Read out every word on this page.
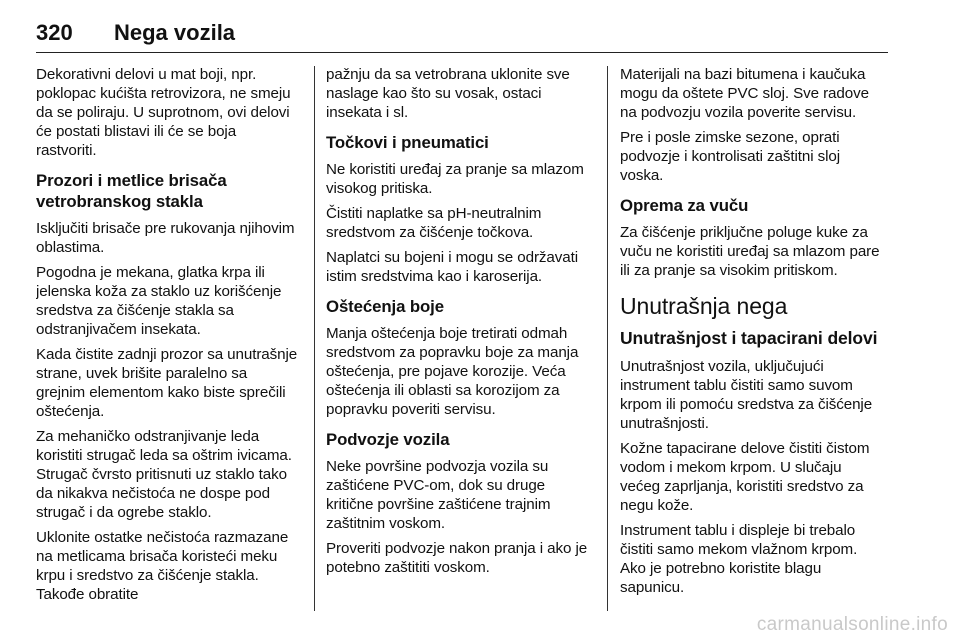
320 Nega vozila

Dekorativni delovi u mat boji, npr. poklopac kućišta retrovizora, ne smeju da se poliraju. U suprotnom, ovi delovi će postati blistavi ili će se boja rastvoriti.

Prozori i metlice brisača vetrobranskog stakla

Isključiti brisače pre rukovanja njihovim oblastima.

Pogodna je mekana, glatka krpa ili jelenska koža za staklo uz korišćenje sredstva za čišćenje stakla sa odstranjivačem insekata.

Kada čistite zadnji prozor sa unutrašnje strane, uvek brišite paralelno sa grejnim elementom kako biste sprečili oštećenja.

Za mehaničko odstranjivanje leda koristiti strugač leda sa oštrim ivicama. Strugač čvrsto pritisnuti uz staklo tako da nikakva nečistoća ne dospe pod strugač i da ogrebe staklo.

Uklonite ostatke nečistoća razmazane na metlicama brisača koristeći meku krpu i sredstvo za čišćenje stakla. Takođe obratite

pažnju da sa vetrobrana uklonite sve naslage kao što su vosak, ostaci insekata i sl.

Točkovi i pneumatici

Ne koristiti uređaj za pranje sa mlazom visokog pritiska.

Čistiti naplatke sa pH-neutralnim sredstvom za čišćenje točkova.

Naplatci su bojeni i mogu se održavati istim sredstvima kao i karoserija.

Oštećenja boje

Manja oštećenja boje tretirati odmah sredstvom za popravku boje za manja oštećenja, pre pojave korozije. Veća oštećenja ili oblasti sa korozijom za popravku poveriti servisu.

Podvozje vozila

Neke površine podvozja vozila su zaštićene PVC-om, dok su druge kritične površine zaštićene trajnim zaštitnim voskom.

Proveriti podvozje nakon pranja i ako je potebno zaštititi voskom.

Materijali na bazi bitumena i kaučuka mogu da oštete PVC sloj. Sve radove na podvozju vozila poverite servisu.

Pre i posle zimske sezone, oprati podvozje i kontrolisati zaštitni sloj voska.

Oprema za vuču

Za čišćenje priključne poluge kuke za vuču ne koristiti uređaj sa mlazom pare ili za pranje sa visokim pritiskom.

Unutrašnja nega
Unutrašnjost i tapacirani delovi

Unutrašnjost vozila, uključujući instrument tablu čistiti samo suvom krpom ili pomoću sredstva za čišćenje unutrašnjosti.

Kožne tapacirane delove čistiti čistom vodom i mekom krpom. U slučaju većeg zaprljanja, koristiti sredstvo za negu kože.

Instrument tablu i displeje bi trebalo čistiti samo mekom vlažnom krpom. Ako je potrebno koristite blagu sapunicu.

carmanualsonline.info
